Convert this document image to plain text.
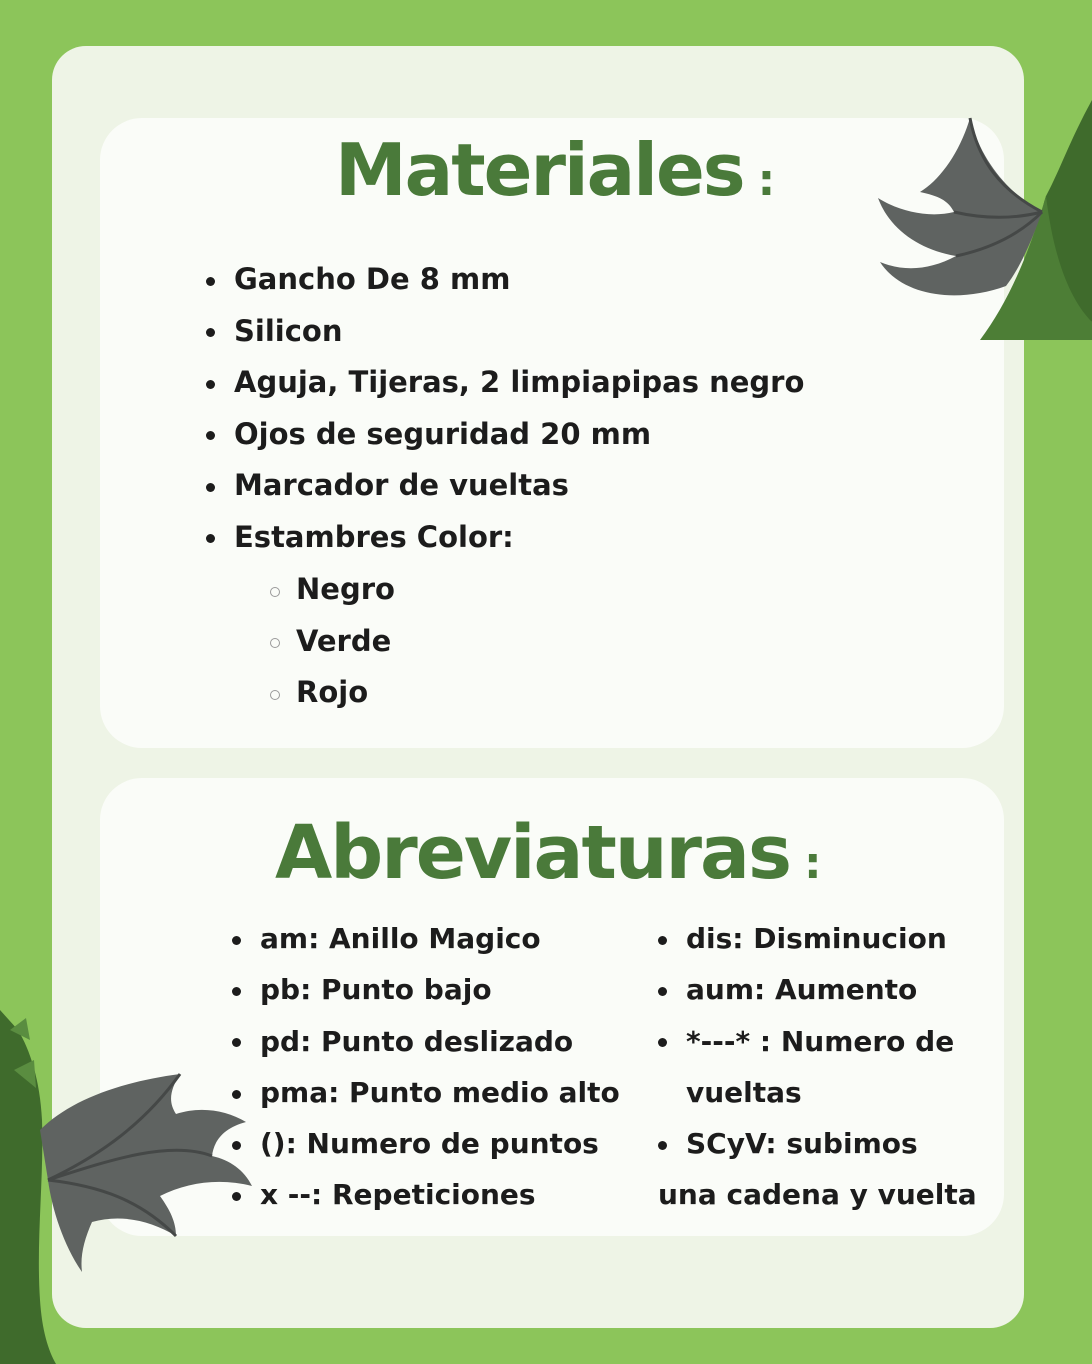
Materiales :
Gancho De 8 mm
Silicon
Aguja, Tijeras, 2 limpiapipas negro
Ojos de seguridad 20 mm
Marcador de vueltas
Estambres Color:
Negro
Verde
Rojo
Abreviaturas :
am: Anillo Magico
pb: Punto bajo
pd: Punto deslizado
pma: Punto medio alto
(): Numero de puntos
x --: Repeticiones
dis: Disminucion
aum: Aumento
*---* : Numero de
vueltas
SCyV: subimos
una cadena y vuelta
